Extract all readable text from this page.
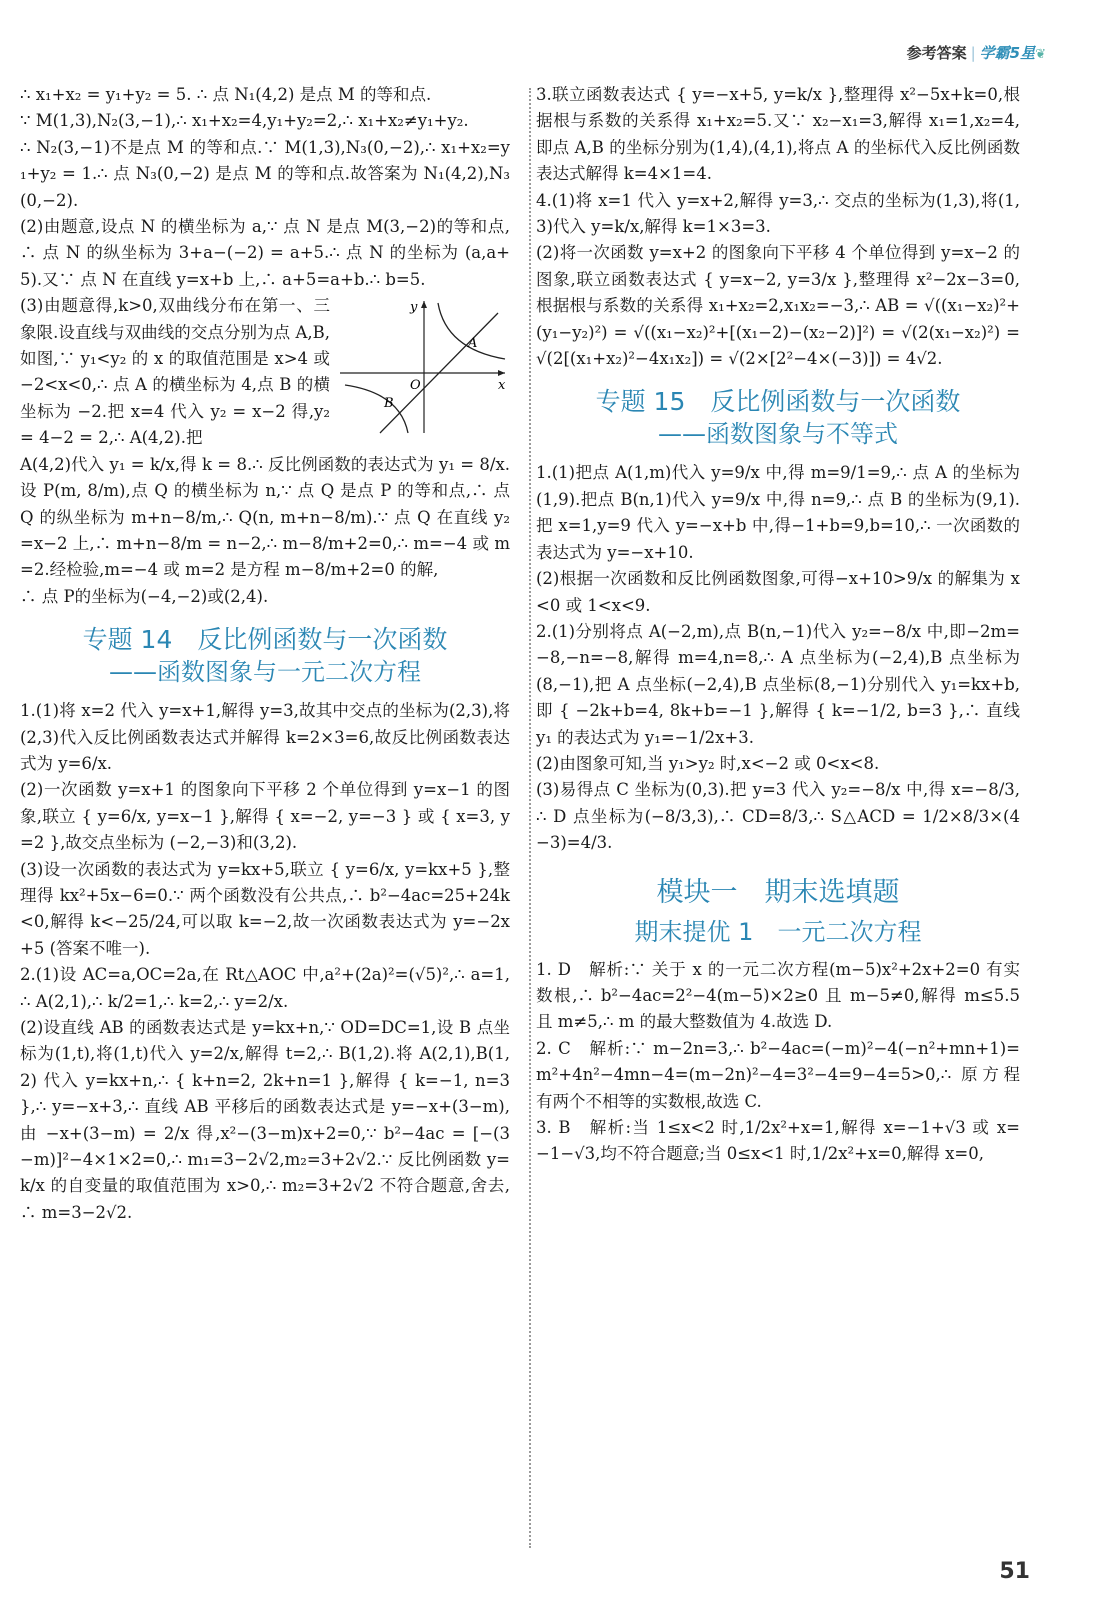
参考答案 | 学霸5星❦

∴ x₁+x₂ = y₁+y₂ = 5. ∴ 点 N₁(4,2) 是点 M 的等和点.

∵ M(1,3),N₂(3,−1),∴ x₁+x₂=4,y₁+y₂=2,∴ x₁+x₂≠y₁+y₂.

∴ N₂(3,−1)不是点 M 的等和点.∵ M(1,3),N₃(0,−2),∴ x₁+x₂=y₁+y₂ = 1.∴ 点 N₃(0,−2) 是点 M 的等和点.故答案为 N₁(4,2),N₃(0,−2).

(2)由题意,设点 N 的横坐标为 a,∵ 点 N 是点 M(3,−2)的等和点,∴ 点 N 的纵坐标为 3+a−(−2) = a+5.∴ 点 N 的坐标为 (a,a+5).又∵ 点 N 在直线 y=x+b 上,∴ a+5=a+b.∴ b=5.

(3)由题意得,k>0,双曲线分布在第一、三象限.设直线与双曲线的交点分别为点 A,B,如图,∵ y₁<y₂ 的 x 的取值范围是 x>4 或 −2<x<0,∴ 点 A 的横坐标为 4,点 B 的横坐标为 −2.把 x=4 代入 y₂ = x−2 得,y₂ = 4−2 = 2,∴ A(4,2).把

y
x
O
A
B

A(4,2)代入 y₁ = k/x,得 k = 8.∴ 反比例函数的表达式为 y₁ = 8/x.设 P(m, 8/m),点 Q 的横坐标为 n,∵ 点 Q 是点 P 的等和点,∴ 点 Q 的纵坐标为 m+n−8/m,∴ Q(n, m+n−8/m).∵ 点 Q 在直线 y₂=x−2 上,∴ m+n−8/m = n−2,∴ m−8/m+2=0,∴ m=−4 或 m=2.经检验,m=−4 或 m=2 是方程 m−8/m+2=0 的解,

∴ 点 P的坐标为(−4,−2)或(2,4).

专题 14　反比例函数与一次函数
——函数图象与一元二次方程

1.(1)将 x=2 代入 y=x+1,解得 y=3,故其中交点的坐标为(2,3),将(2,3)代入反比例函数表达式并解得 k=2×3=6,故反比例函数表达式为 y=6/x.

(2)一次函数 y=x+1 的图象向下平移 2 个单位得到 y=x−1 的图象,联立 { y=6/x, y=x−1 },解得 { x=−2, y=−3 } 或 { x=3, y=2 },故交点坐标为 (−2,−3)和(3,2).

(3)设一次函数的表达式为 y=kx+5,联立 { y=6/x, y=kx+5 },整理得 kx²+5x−6=0.∵ 两个函数没有公共点,∴ b²−4ac=25+24k<0,解得 k<−25/24,可以取 k=−2,故一次函数表达式为 y=−2x+5 (答案不唯一).

2.(1)设 AC=a,OC=2a,在 Rt△AOC 中,a²+(2a)²=(√5)²,∴ a=1,∴ A(2,1),∴ k/2=1,∴ k=2,∴ y=2/x.

(2)设直线 AB 的函数表达式是 y=kx+n,∵ OD=DC=1,设 B 点坐标为(1,t),将(1,t)代入 y=2/x,解得 t=2,∴ B(1,2).将 A(2,1),B(1,2) 代入 y=kx+n,∴ { k+n=2, 2k+n=1 },解得 { k=−1, n=3 },∴ y=−x+3,∴ 直线 AB 平移后的函数表达式是 y=−x+(3−m),由 −x+(3−m) = 2/x 得,x²−(3−m)x+2=0,∵ b²−4ac = [−(3−m)]²−4×1×2=0,∴ m₁=3−2√2,m₂=3+2√2.∵ 反比例函数 y=k/x 的自变量的取值范围为 x>0,∴ m₂=3+2√2 不符合题意,舍去,∴ m=3−2√2.

3.联立函数表达式 { y=−x+5, y=k/x },整理得 x²−5x+k=0,根据根与系数的关系得 x₁+x₂=5.又∵ x₂−x₁=3,解得 x₁=1,x₂=4,即点 A,B 的坐标分别为(1,4),(4,1),将点 A 的坐标代入反比例函数表达式解得 k=4×1=4.

4.(1)将 x=1 代入 y=x+2,解得 y=3,∴ 交点的坐标为(1,3),将(1,3)代入 y=k/x,解得 k=1×3=3.

(2)将一次函数 y=x+2 的图象向下平移 4 个单位得到 y=x−2 的图象,联立函数表达式 { y=x−2, y=3/x },整理得 x²−2x−3=0,根据根与系数的关系得 x₁+x₂=2,x₁x₂=−3,∴ AB = √((x₁−x₂)²+(y₁−y₂)²) = √((x₁−x₂)²+[(x₁−2)−(x₂−2)]²) = √(2(x₁−x₂)²) = √(2[(x₁+x₂)²−4x₁x₂]) = √(2×[2²−4×(−3)]) = 4√2.

专题 15　反比例函数与一次函数
——函数图象与不等式

1.(1)把点 A(1,m)代入 y=9/x 中,得 m=9/1=9,∴ 点 A 的坐标为(1,9).把点 B(n,1)代入 y=9/x 中,得 n=9,∴ 点 B 的坐标为(9,1).把 x=1,y=9 代入 y=−x+b 中,得−1+b=9,b=10,∴ 一次函数的表达式为 y=−x+10.

(2)根据一次函数和反比例函数图象,可得−x+10>9/x 的解集为 x<0 或 1<x<9.

2.(1)分别将点 A(−2,m),点 B(n,−1)代入 y₂=−8/x 中,即−2m=−8,−n=−8,解得 m=4,n=8,∴ A 点坐标为(−2,4),B 点坐标为(8,−1),把 A 点坐标(−2,4),B 点坐标(8,−1)分别代入 y₁=kx+b,即 { −2k+b=4, 8k+b=−1 },解得 { k=−1/2, b=3 },∴ 直线 y₁ 的表达式为 y₁=−1/2x+3.

(2)由图象可知,当 y₁>y₂ 时,x<−2 或 0<x<8.

(3)易得点 C 坐标为(0,3).把 y=3 代入 y₂=−8/x 中,得 x=−8/3,∴ D 点坐标为(−8/3,3),∴ CD=8/3,∴ S△ACD = 1/2×8/3×(4−3)=4/3.

模块一　期末选填题
期末提优 1　一元二次方程

1. D　解析:∵ 关于 x 的一元二次方程(m−5)x²+2x+2=0 有实数根,∴ b²−4ac=2²−4(m−5)×2≥0 且 m−5≠0,解得 m≤5.5且 m≠5,∴ m 的最大整数值为 4.故选 D.

2. C　解析:∵ m−2n=3,∴ b²−4ac=(−m)²−4(−n²+mn+1)=m²+4n²−4mn−4=(m−2n)²−4=3²−4=9−4=5>0,∴ 原方程有两个不相等的实数根,故选 C.

3. B　解析:当 1≤x<2 时,1/2x²+x=1,解得 x=−1+√3 或 x=−1−√3,均不符合题意;当 0≤x<1 时,1/2x²+x=0,解得 x=0,

51
